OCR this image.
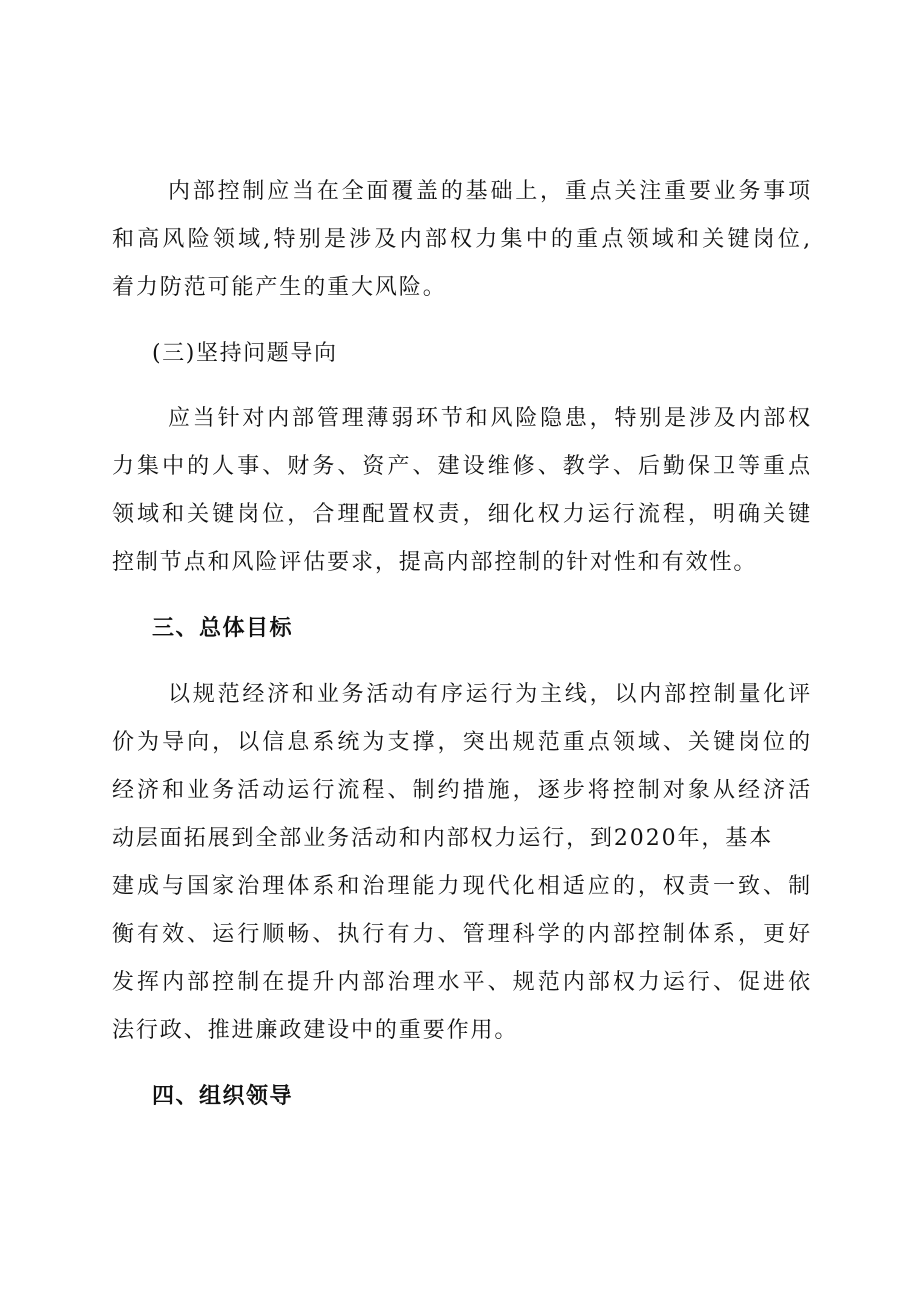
内部控制应当在全面覆盖的基础上，重点关注重要业务事项
和高风险领域,特别是涉及内部权力集中的重点领域和关键岗位,
着力防范可能产生的重大风险。
(三)坚持问题导向
应当针对内部管理薄弱环节和风险隐患，特别是涉及内部权
力集中的人事、财务、资产、建设维修、教学、后勤保卫等重点
领域和关键岗位，合理配置权责，细化权力运行流程，明确关键
控制节点和风险评估要求，提高内部控制的针对性和有效性。
三、总体目标
以规范经济和业务活动有序运行为主线，以内部控制量化评
价为导向，以信息系统为支撑，突出规范重点领域、关键岗位的
经济和业务活动运行流程、制约措施，逐步将控制对象从经济活
动层面拓展到全部业务活动和内部权力运行，到2020年，基本
建成与国家治理体系和治理能力现代化相适应的，权责一致、制
衡有效、运行顺畅、执行有力、管理科学的内部控制体系，更好
发挥内部控制在提升内部治理水平、规范内部权力运行、促进依
法行政、推进廉政建设中的重要作用。
四、组织领导
